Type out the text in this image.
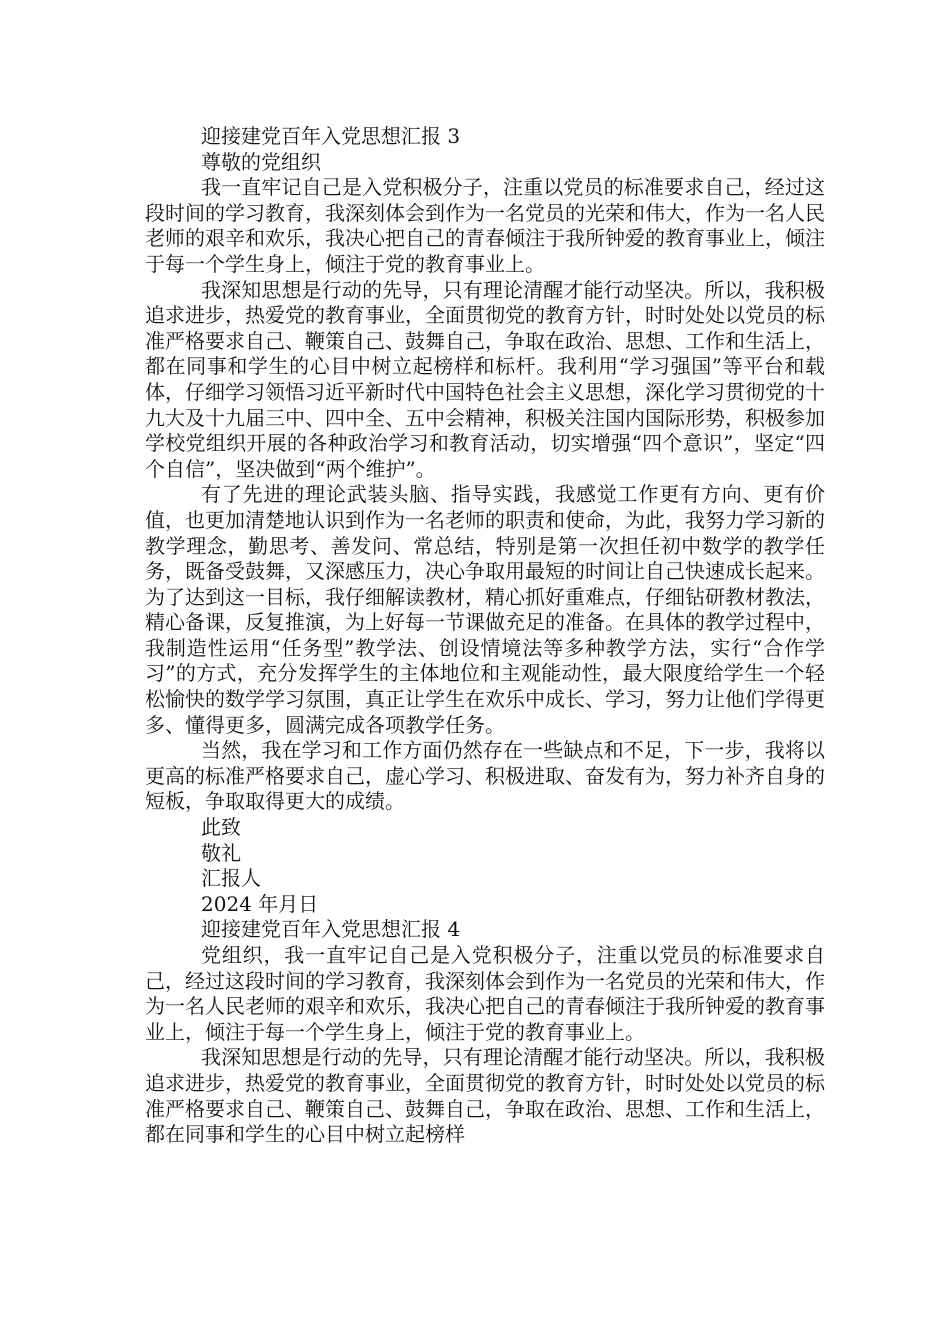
迎接建党百年入党思想汇报 3

尊敬的党组织

我一直牢记自己是入党积极分子，注重以党员的标准要求自己，经过这段时间的学习教育，我深刻体会到作为一名党员的光荣和伟大，作为一名人民老师的艰辛和欢乐，我决心把自己的青春倾注于我所钟爱的教育事业上，倾注于每一个学生身上，倾注于党的教育事业上。

我深知思想是行动的先导，只有理论清醒才能行动坚决。所以，我积极追求进步，热爱党的教育事业，全面贯彻党的教育方针，时时处处以党员的标准严格要求自己、鞭策自己、鼓舞自己，争取在政治、思想、工作和生活上，都在同事和学生的心目中树立起榜样和标杆。我利用“学习强国”等平台和载体，仔细学习领悟习近平新时代中国特色社会主义思想，深化学习贯彻党的十九大及十九届三中、四中全、五中会精神，积极关注国内国际形势，积极参加学校党组织开展的各种政治学习和教育活动，切实增强“四个意识”，坚定“四个自信”，坚决做到“两个维护”。

有了先进的理论武装头脑、指导实践，我感觉工作更有方向、更有价值，也更加清楚地认识到作为一名老师的职责和使命，为此，我努力学习新的教学理念，勤思考、善发问、常总结，特别是第一次担任初中数学的教学任务，既备受鼓舞，又深感压力，决心争取用最短的时间让自己快速成长起来。为了达到这一目标，我仔细解读教材，精心抓好重难点，仔细钻研教材教法，精心备课，反复推演，为上好每一节课做充足的准备。在具体的教学过程中，我制造性运用“任务型”教学法、创设情境法等多种教学方法，实行“合作学习”的方式，充分发挥学生的主体地位和主观能动性，最大限度给学生一个轻松愉快的数学学习氛围，真正让学生在欢乐中成长、学习，努力让他们学得更多、懂得更多，圆满完成各项教学任务。

当然，我在学习和工作方面仍然存在一些缺点和不足，下一步，我将以更高的标准严格要求自己，虚心学习、积极进取、奋发有为，努力补齐自身的短板，争取取得更大的成绩。

此致

敬礼

汇报人

2024 年月日

迎接建党百年入党思想汇报 4

党组织，我一直牢记自己是入党积极分子，注重以党员的标准要求自己，经过这段时间的学习教育，我深刻体会到作为一名党员的光荣和伟大，作为一名人民老师的艰辛和欢乐，我决心把自己的青春倾注于我所钟爱的教育事业上，倾注于每一个学生身上，倾注于党的教育事业上。

我深知思想是行动的先导，只有理论清醒才能行动坚决。所以，我积极追求进步，热爱党的教育事业，全面贯彻党的教育方针，时时处处以党员的标准严格要求自己、鞭策自己、鼓舞自己，争取在政治、思想、工作和生活上，都在同事和学生的心目中树立起榜样
